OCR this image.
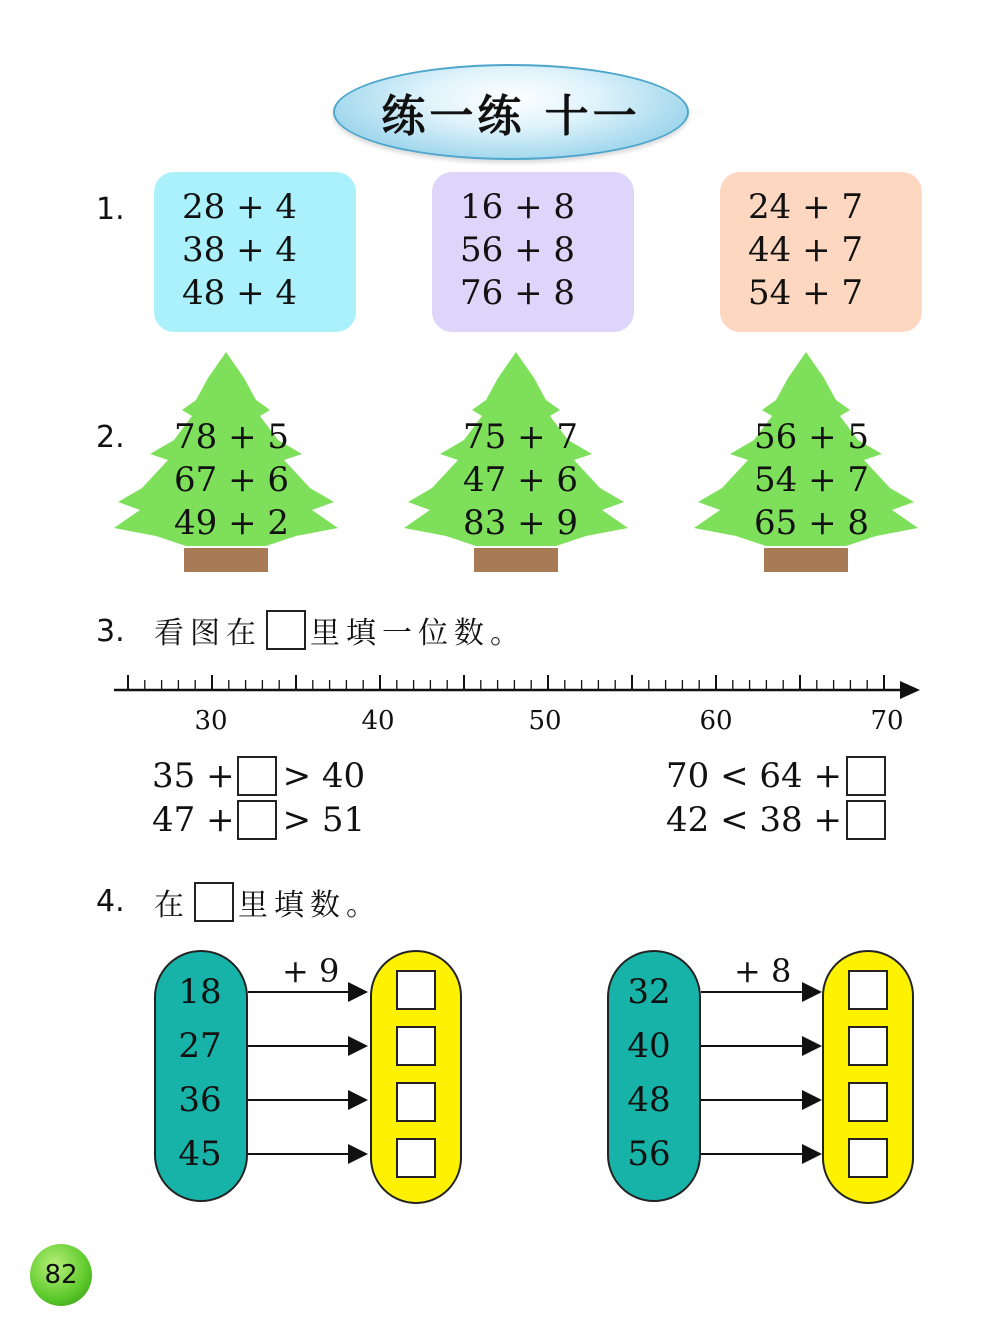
练一练 十一
1.	28 + 4
38 + 4
48 + 4
16 + 8
56 + 8
76 + 8
24 + 7
44 + 7
54 + 7
2. 78 + 5
67 + 6
49 + 2
75 + 7
47 + 6
83 + 9
56 + 5
54 + 7
65 + 8
3. 看图在 里填一位数。
30	40	50	60	70
35 + > 40
47 + > 51
70 < 64 +
42 < 38 +
4. 在 里填数。
18
27
36
45
+ 9
32
40
48
56
+ 8
82
